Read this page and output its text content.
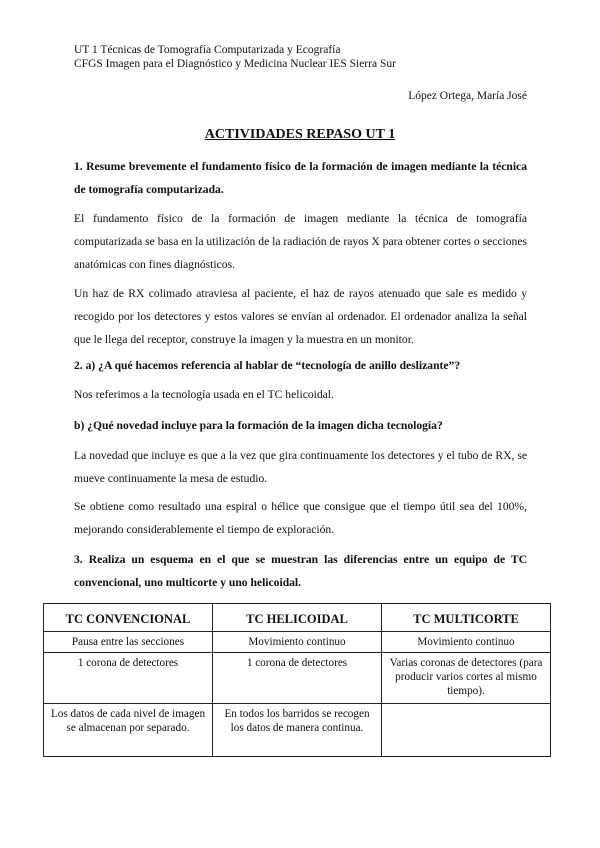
UT 1 Técnicas de Tomografía Computarizada y Ecografía
CFGS Imagen para el Diagnóstico y Medicina Nuclear IES Sierra Sur
López Ortega, María José
ACTIVIDADES REPASO UT 1

1. Resume brevemente el fundamento físico de la formación de imagen mediante la técnica de tomografía computarizada.

El fundamento físico de la formación de imagen mediante la técnica de tomografía computarizada se basa en la utilización de la radiación de rayos X para obtener cortes o secciones anatómicas con fines diagnósticos.

Un haz de RX colimado atraviesa al paciente, el haz de rayos atenuado que sale es medido y recogido por los detectores y estos valores se envían al ordenador. El ordenador analiza la señal que le llega del receptor, construye la imagen y la muestra en un monitor.

2. a) ¿A qué hacemos referencia al hablar de “tecnología de anillo deslizante”?

Nos referimos a la tecnología usada en el TC helicoidal.

b) ¿Qué novedad incluye para la formación de la imagen dicha tecnología?

La novedad que incluye es que a la vez que gira continuamente los detectores y el tubo de RX, se mueve continuamente la mesa de estudio.

Se obtiene como resultado una espiral o hélice que consigue que el tiempo útil sea del 100%, mejorando considerablemente el tiempo de exploración.

3. Realiza un esquema en el que se muestran las diferencias entre un equipo de TC convencional, uno multicorte y uno helicoidal.

TC CONVENCIONAL	TC HELICOIDAL	TC MULTICORTE
Pausa entre las secciones	Movimiento continuo	Movimiento continuo
1 corona de detectores	1 corona de detectores	Varias coronas de detectores (para producir varios cortes al mismo tiempo).
Los datos de cada nivel de imagen se almacenan por separado.	En todos los barridos se recogen los datos de manera continua.	
